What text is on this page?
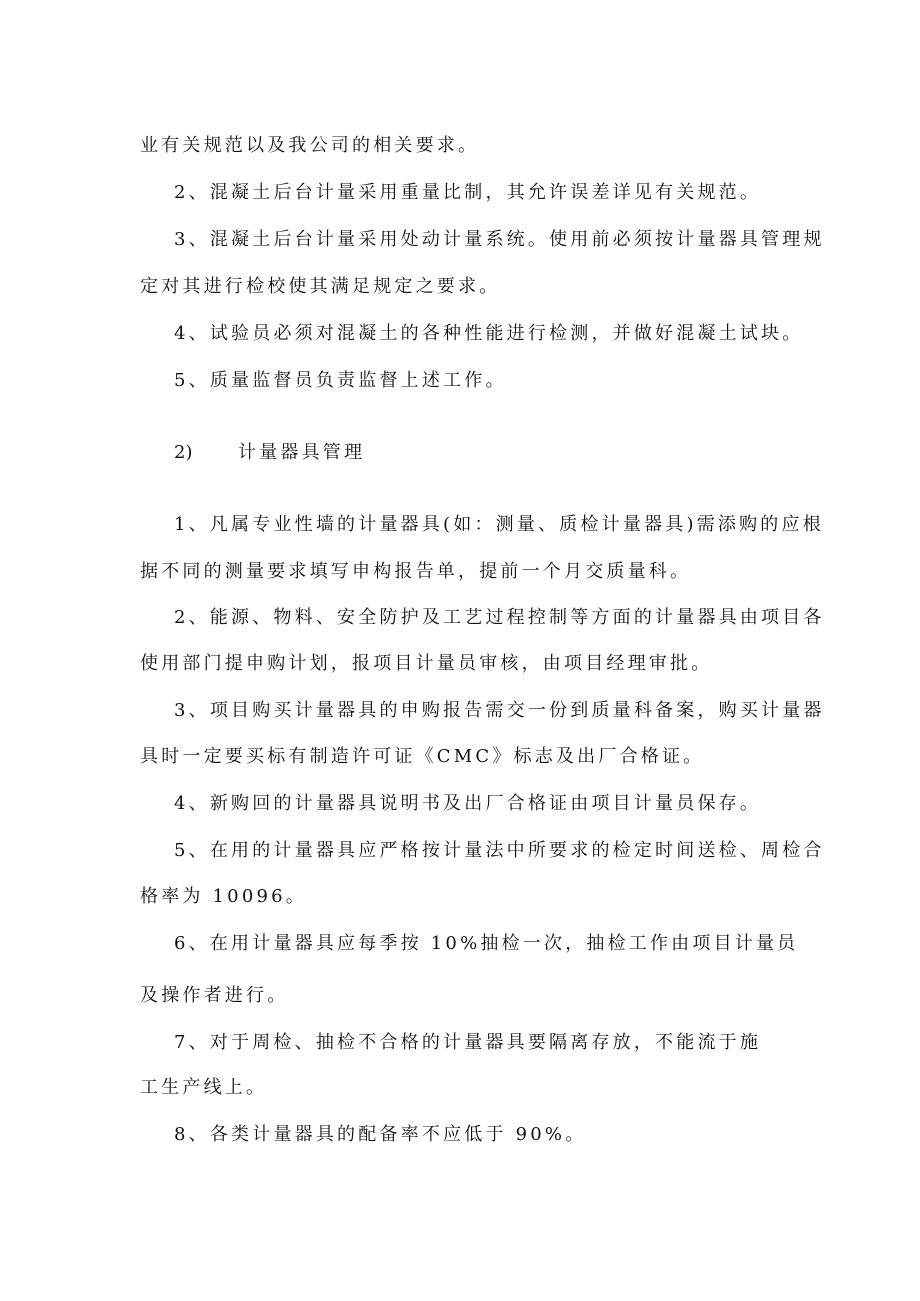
业有关规范以及我公司的相关要求。
2、混凝土后台计量采用重量比制，其允许误差详见有关规范。
3、混凝土后台计量采用处动计量系统。使用前必须按计量器具管理规
定对其进行检校使其满足规定之要求。
4、试验员必须对混凝土的各种性能进行检测，并做好混凝土试块。
5、质量监督员负责监督上述工作。
2)	计量器具管理
1、凡属专业性墙的计量器具(如：测量、质检计量器具)需添购的应根
据不同的测量要求填写申构报告单，提前一个月交质量科。
2、能源、物料、安全防护及工艺过程控制等方面的计量器具由项目各
使用部门提申购计划，报项目计量员审核，由项目经理审批。
3、项目购买计量器具的申购报告需交一份到质量科备案，购买计量器
具时一定要买标有制造许可证《CMC》标志及出厂合格证。
4、新购回的计量器具说明书及出厂合格证由项目计量员保存。
5、在用的计量器具应严格按计量法中所要求的检定时间送检、周检合
格率为 10096。
6、在用计量器具应每季按 10%抽检一次，抽检工作由项目计量员
及操作者进行。
7、对于周检、抽检不合格的计量器具要隔离存放，不能流于施
工生产线上。
8、各类计量器具的配备率不应低于 90%。
